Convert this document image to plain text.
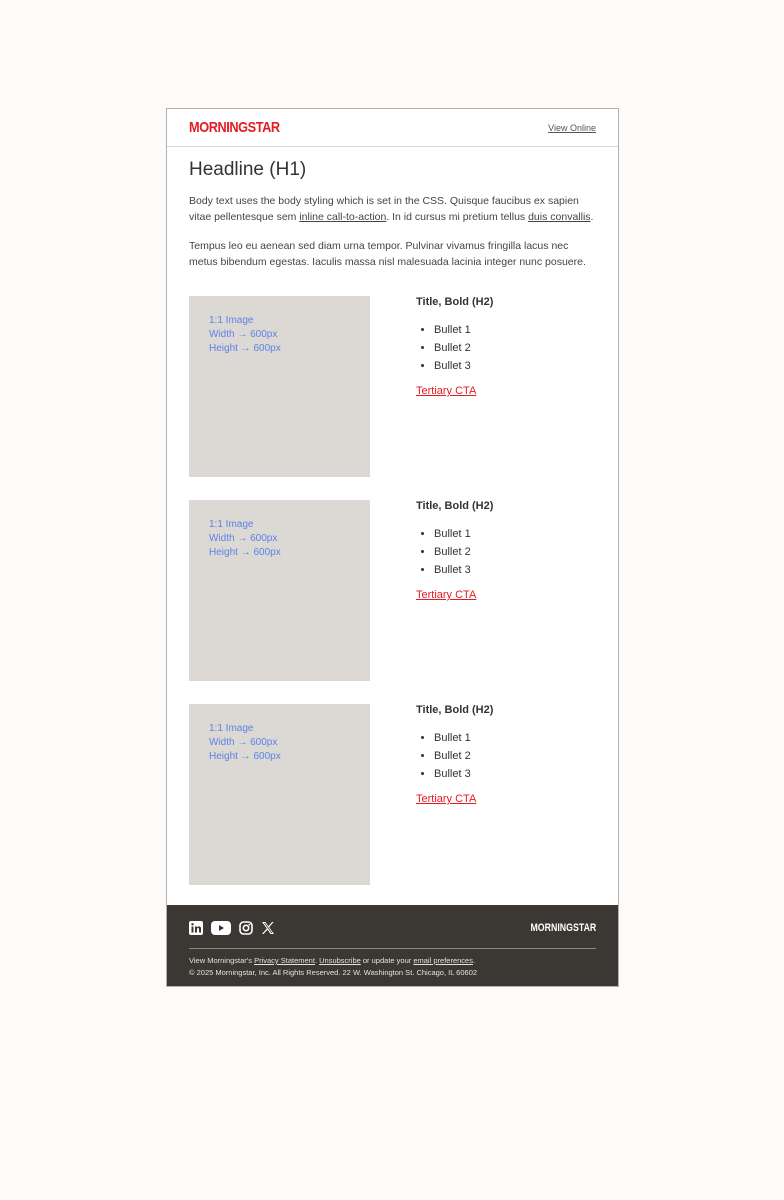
MORNINGSTAR	View Online
Headline (H1)

Body text uses the body styling which is set in the CSS. Quisque faucibus ex sapien vitae pellentesque sem inline call-to-action. In id cursus mi pretium tellus duis convallis.

Tempus leo eu aenean sed diam urna tempor. Pulvinar vivamus fringilla lacus nec metus bibendum egestas. Iaculis massa nisl malesuada lacinia integer nunc posuere.

1:1 Image
Width → 600px
Height → 600px
Title, Bold (H2)
• Bullet 1
• Bullet 2
• Bullet 3
Tertiary CTA
1:1 Image
Width → 600px
Height → 600px
Title, Bold (H2)
• Bullet 1
• Bullet 2
• Bullet 3
Tertiary CTA
1:1 Image
Width → 600px
Height → 600px
Title, Bold (H2)
• Bullet 1
• Bullet 2
• Bullet 3
Tertiary CTA
MORNINGSTAR
View Morningstar's Privacy Statement. Unsubscribe or update your email preferences.
© 2025 Morningstar, Inc. All Rights Reserved. 22 W. Washington St. Chicago, IL 60602
